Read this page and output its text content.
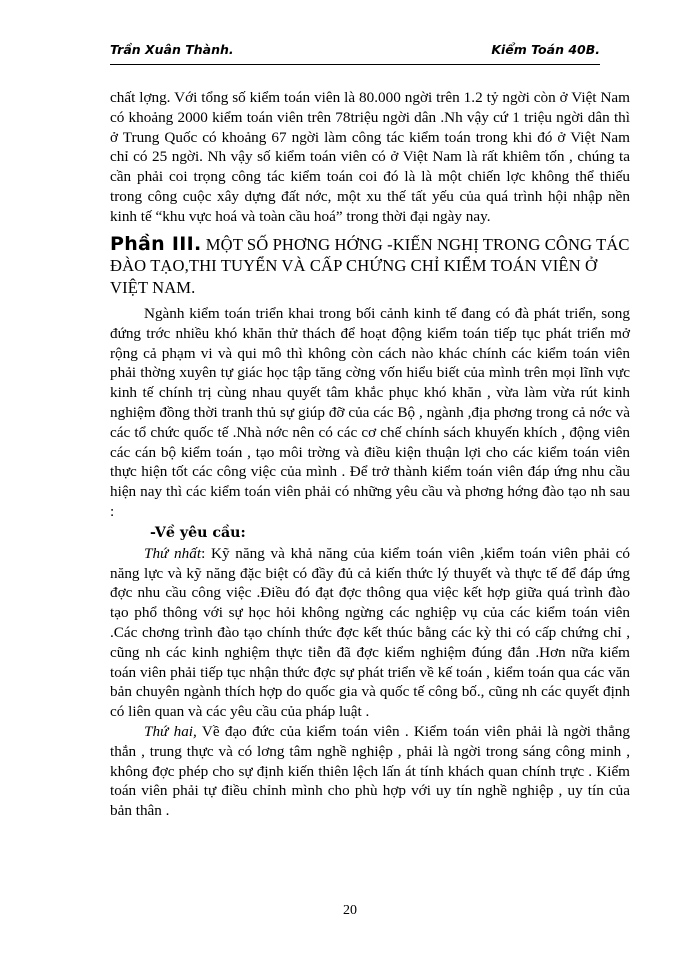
Trần Xuân Thành.	Kiểm Toán 40B.

chất lợng. Với tổng số kiểm toán viên là 80.000 ngời trên 1.2 tỷ ngời còn ở Việt Nam có khoảng 2000 kiểm toán viên trên 78triệu ngời dân .Nh vậy cứ 1 triệu ngời dân thì ở Trung Quốc có khoảng 67 ngời làm công tác kiểm toán trong khi đó ở Việt Nam chỉ có 25 ngời. Nh vậy số kiểm toán viên có ở Việt Nam là rất khiêm tốn , chúng ta cần phải coi trọng công tác kiểm toán coi đó là là một chiến lợc không thể thiếu trong công cuộc xây dựng đất nớc, một xu thế tất yếu của quá trình hội nhập nền kinh tế “khu vực hoá và toàn cầu hoá” trong thời đại ngày nay.

Phần III. MỘT SỐ PHƠNG HỚNG -KIẾN NGHỊ TRONG CÔNG TÁC ĐÀO TẠO,THI TUYỂN VÀ CẤP CHỨNG CHỈ KIỂM TOÁN VIÊN Ở VIỆT NAM.

Ngành kiểm toán triển khai trong bối cảnh kinh tế đang có đà phát triển, song đứng trớc nhiều khó khăn thử thách để hoạt động kiểm toán tiếp tục phát triển mở rộng cả phạm vi và qui mô thì không còn cách nào khác chính các kiểm toán viên phải thờng xuyên tự giác học tập tăng cờng vốn hiểu biết của mình trên mọi lĩnh vực kinh tế chính trị cùng nhau quyết tâm khắc phục khó khăn , vừa làm vừa rút kinh nghiệm đồng thời tranh thủ sự giúp đỡ của các Bộ , ngành ,địa phơng trong cả nớc và các tổ chức quốc tế .Nhà nớc nên có các cơ chế chính sách khuyến khích , động viên các cán bộ kiểm toán , tạo môi trờng và điều kiện thuận lợi cho các kiểm toán viên thực hiện tốt các công việc của mình . Để trở thành kiểm toán viên đáp ứng nhu cầu hiện nay thì các kiểm toán viên phải có những yêu cầu và phơng hớng đào tạo nh sau :

-Về yêu cầu:

Thứ nhất: Kỹ năng và khả năng của kiểm toán viên ,kiểm toán viên phải có năng lực và kỹ năng đặc biệt có đầy đủ cả kiến thức lý thuyết và thực tế để đáp ứng đợc nhu cầu công việc .Điều đó đạt đợc thông qua việc kết hợp giữa quá trình đào tạo phổ thông với sự học hỏi không ngừng các nghiệp vụ của các kiểm toán viên .Các chơng trình đào tạo chính thức đợc kết thúc bằng các kỳ thi có cấp chứng chỉ , cũng nh các kinh nghiệm thực tiễn đã đợc kiểm nghiệm đúng đắn .Hơn nữa kiểm toán viên phải tiếp tục nhận thức đợc sự phát triển về kế toán , kiểm toán qua các văn bản chuyên ngành thích hợp do quốc gia và quốc tế công bố., cũng nh các quyết định có liên quan và các yêu cầu của pháp luật .

Thứ hai, Về đạo đức của kiểm toán viên . Kiểm toán viên phải là ngời thẳng thắn , trung thực và có lơng tâm nghề nghiệp , phải là ngời trong sáng công minh , không đợc phép cho sự định kiến thiên lệch lấn át tính khách quan chính trực . Kiểm toán viên phải tự điều chỉnh mình cho phù hợp với uy tín nghề nghiệp , uy tín của bản thân .

20
